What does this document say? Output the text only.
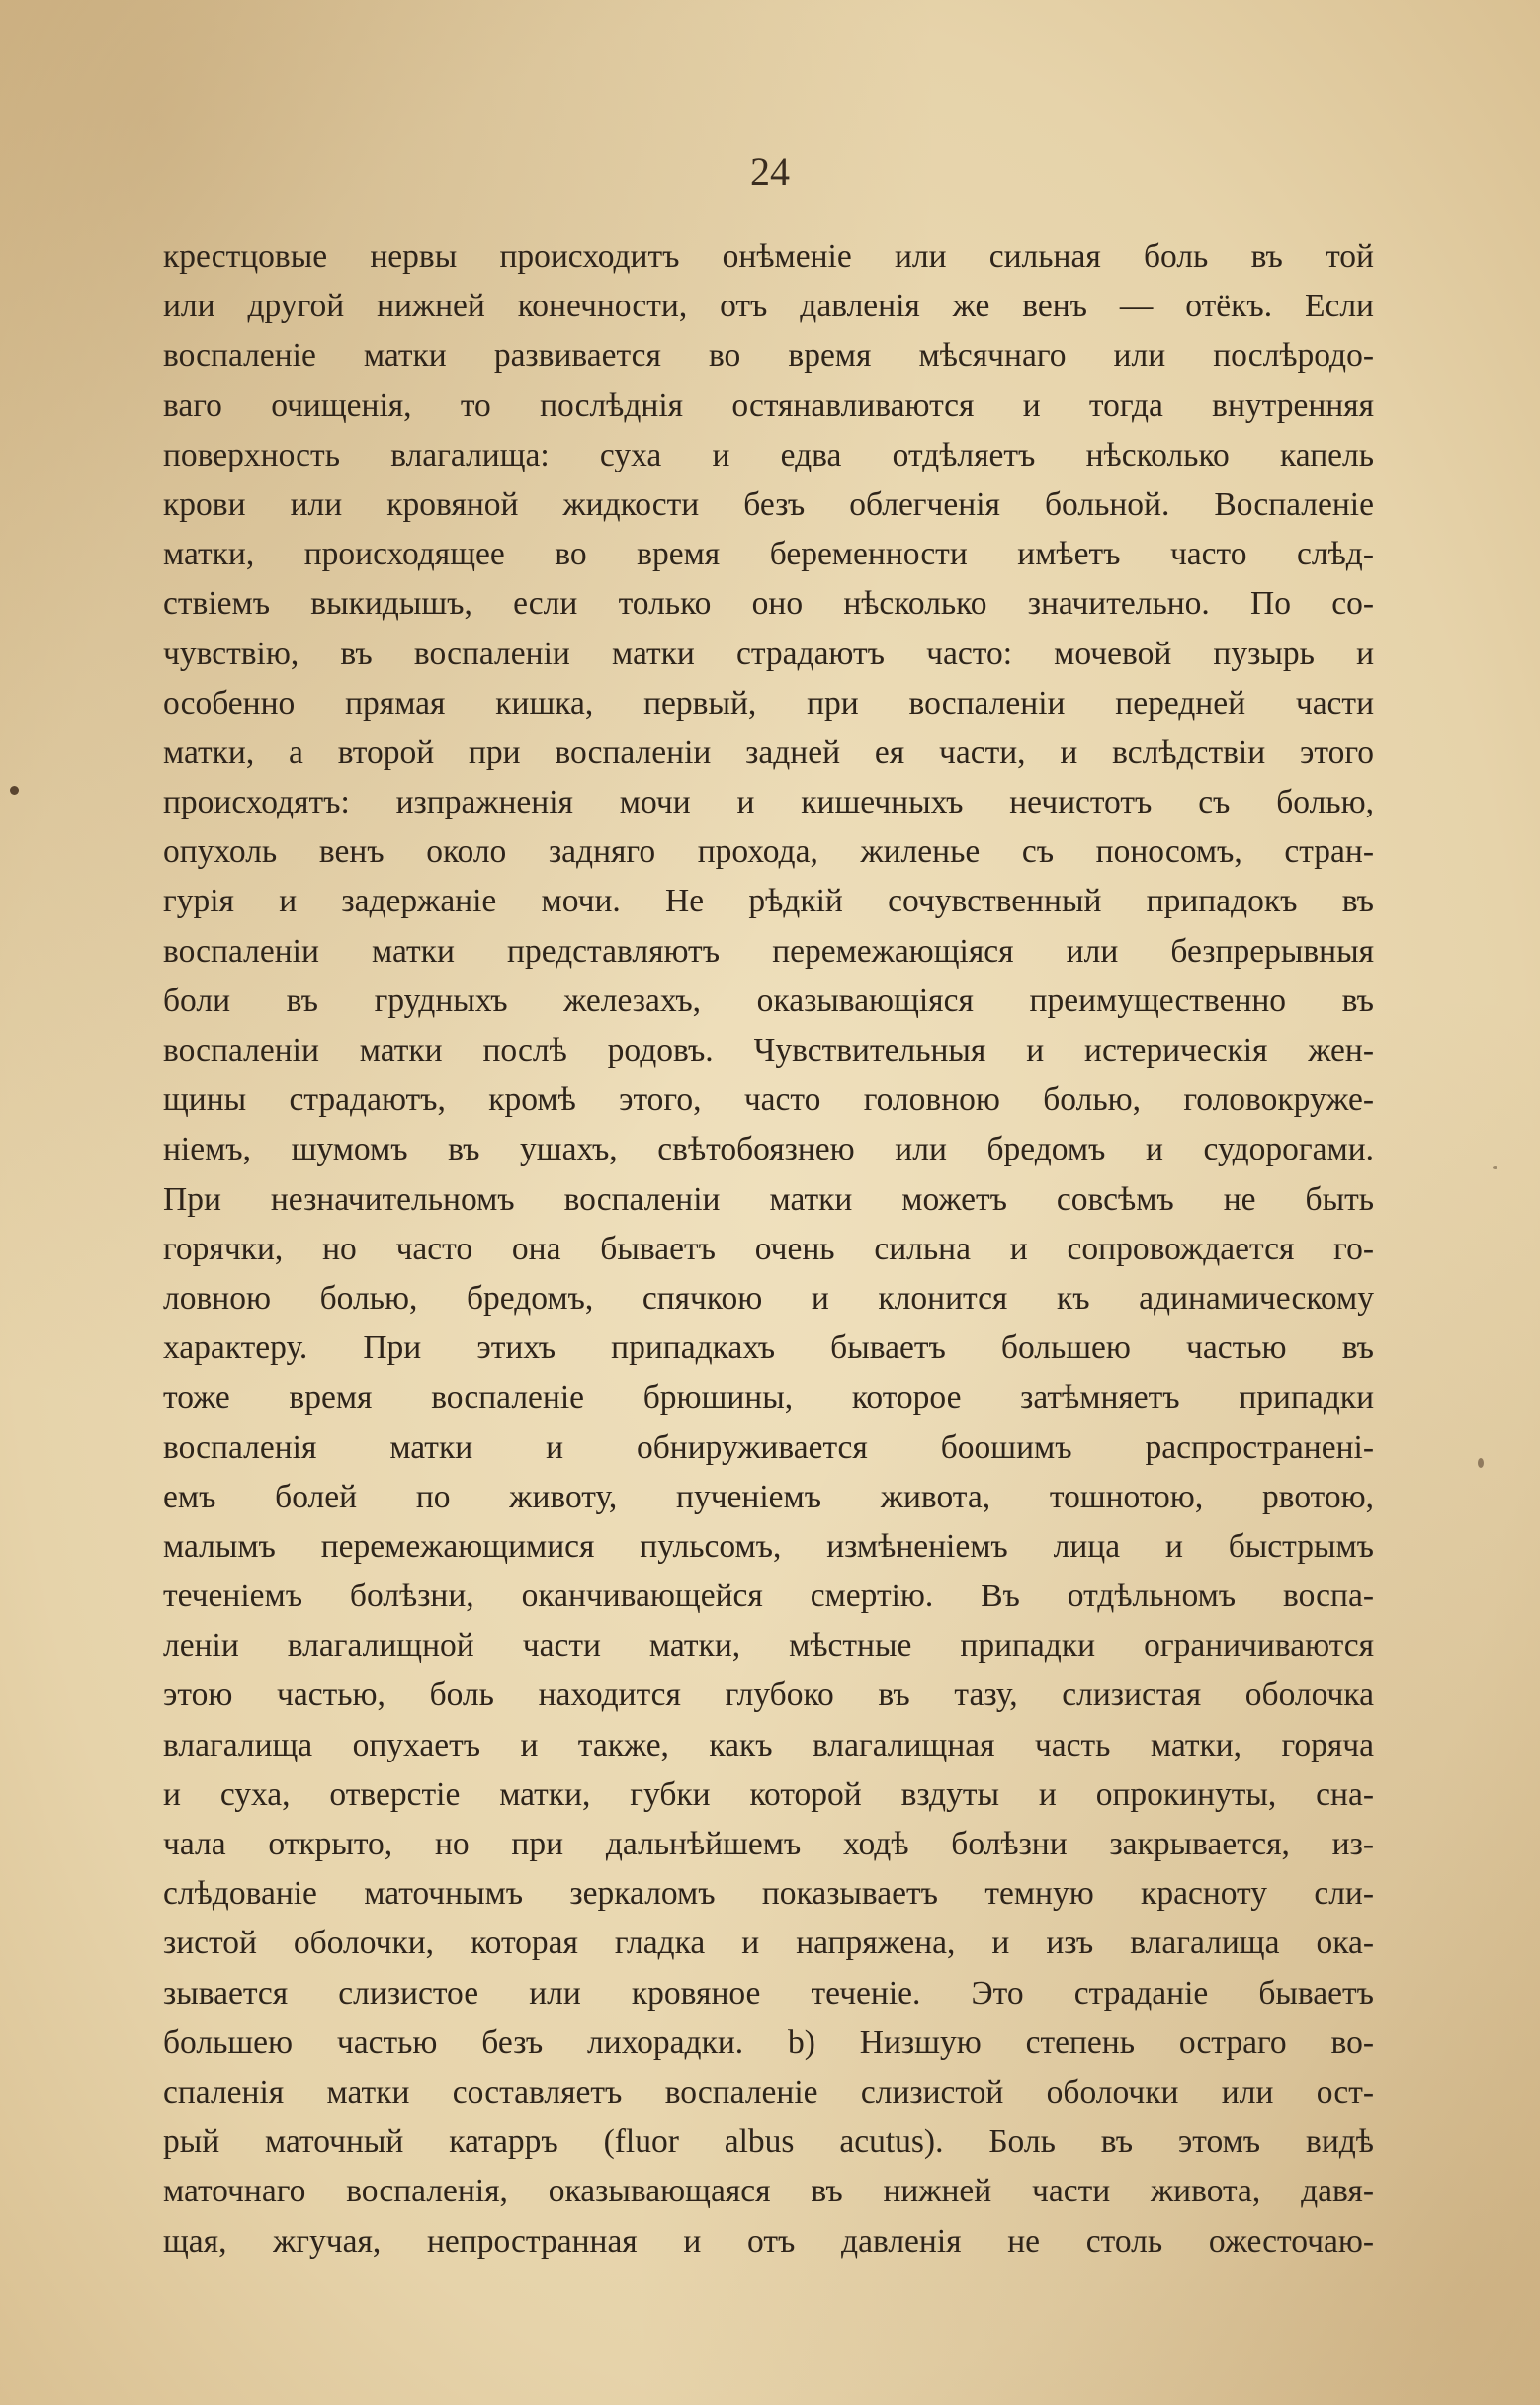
24
крестцовые нервы происходитъ онѣменіе или сильная боль въ той
или другой нижней конечности, отъ давленія же венъ — отёкъ. Если
воспаленіе матки развивается во время мѣсячнаго или послѣродо-
ваго очищенія, то послѣднія остянавливаются и тогда внутренняя
поверхность влагалища: суха и едва отдѣляетъ нѣсколько капель
крови или кровяной жидкости безъ облегченія больной. Воспаленіе
матки, происходящее во время беременности имѣетъ часто слѣд-
ствіемъ выкидышъ, если только оно нѣсколько значительно. По со-
чувствію, въ воспаленіи матки страдаютъ часто: мочевой пузырь и
особенно прямая кишка, первый, при воспаленіи передней части
матки, а второй при воспаленіи задней ея части, и вслѣдствіи этого
происходятъ: изпражненія мочи и кишечныхъ нечистотъ съ болью,
опухоль венъ около задняго прохода, жиленье съ поносомъ, стран-
гурія и задержаніе мочи. Не рѣдкій сочувственный припадокъ въ
воспаленіи матки представляютъ перемежающіяся или безпрерывныя
боли въ грудныхъ железахъ, оказывающіяся преимущественно въ
воспаленіи матки послѣ родовъ. Чувствительныя и истерическія жен-
щины страдаютъ, кромѣ этого, часто головною болью, головокруже-
ніемъ, шумомъ въ ушахъ, свѣтобоязнею или бредомъ и судорогами.
При незначительномъ воспаленіи матки можетъ совсѣмъ не быть
горячки, но часто она бываетъ очень сильна и сопровождается го-
ловною болью, бредомъ, спячкою и клонится къ адинамическому
характеру. При этихъ припадкахъ бываетъ большею частью въ
тоже время воспаленіе брюшины, которое затѣмняетъ припадки
воспаленія матки и обнируживается боошимъ распространені-
емъ болей по животу, пученіемъ живота, тошнотою, рвотою,
малымъ перемежающимися пульсомъ, измѣненіемъ лица и быстрымъ
теченіемъ болѣзни, оканчивающейся смертію. Въ отдѣльномъ воспа-
леніи влагалищной части матки, мѣстные припадки ограничиваются
этою частью, боль находится глубоко въ тазу, слизистая оболочка
влагалища опухаетъ и также, какъ влагалищная часть матки, горяча
и суха, отверстіе матки, губки которой вздуты и опрокинуты, сна-
чала открыто, но при дальнѣйшемъ ходѣ болѣзни закрывается, из-
слѣдованіе маточнымъ зеркаломъ показываетъ темную красноту сли-
зистой оболочки, которая гладка и напряжена, и изъ влагалища ока-
зывается слизистое или кровяное теченіе. Это страданіе бываетъ
большею частью безъ лихорадки. b) Низшую степень остраго во-
спаленія матки составляетъ воспаленіе слизистой оболочки или ост-
рый маточный катарръ (fluor albus acutus). Боль въ этомъ видѣ
маточнаго воспаленія, оказывающаяся въ нижней части живота, давя-
щая, жгучая, непространная и отъ давленія не столь ожесточаю-
